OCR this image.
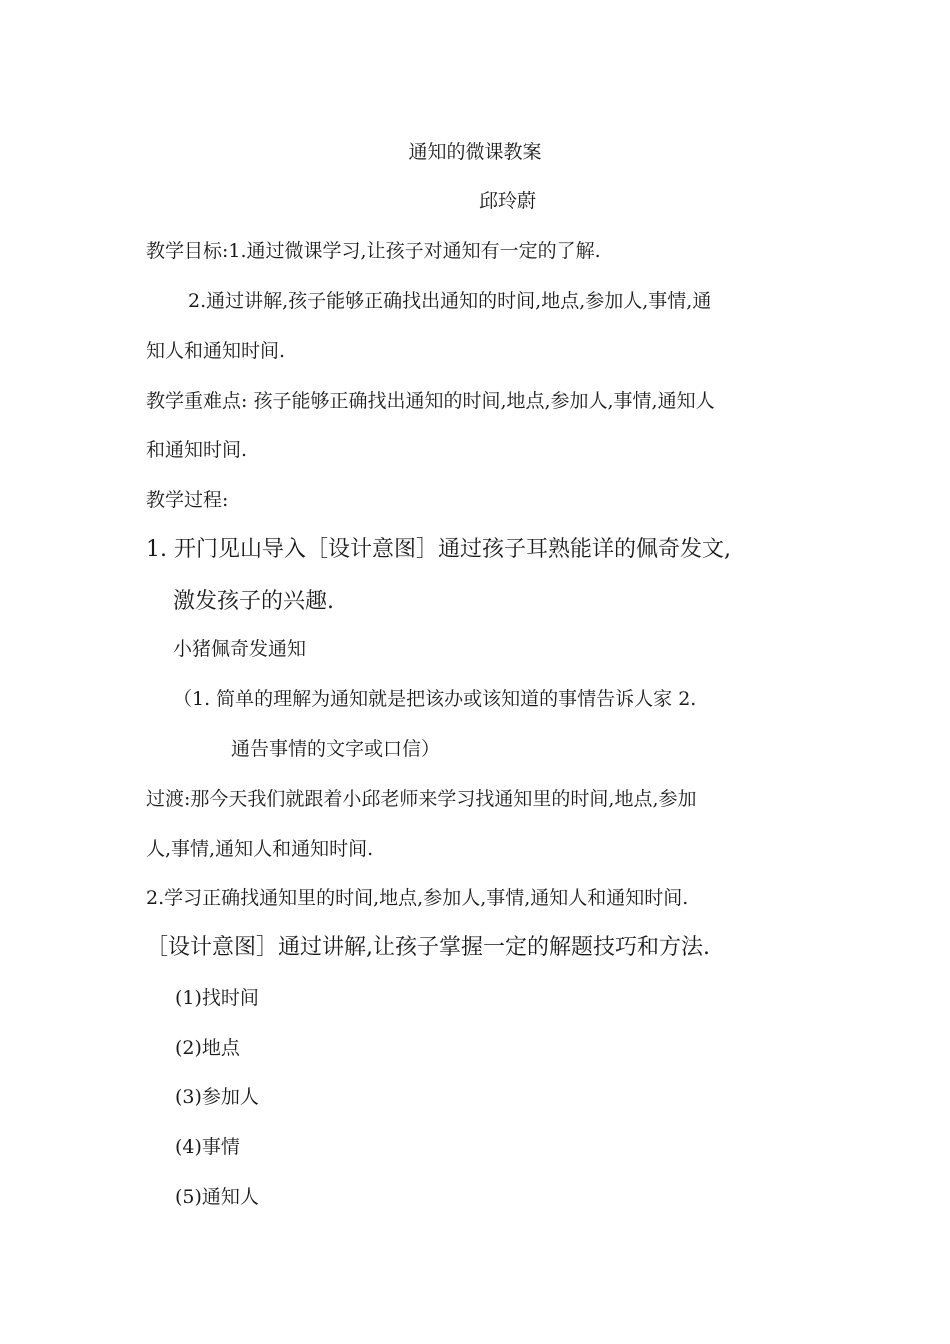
通知的微课教案
邱玲蔚
教学目标:1.通过微课学习,让孩子对通知有一定的了解.
2.通过讲解,孩子能够正确找出通知的时间,地点,参加人,事情,通
知人和通知时间.
教学重难点: 孩子能够正确找出通知的时间,地点,参加人,事情,通知人
和通知时间.
教学过程:
1. 开门见山导入［设计意图］通过孩子耳熟能详的佩奇发文,
激发孩子的兴趣.
小猪佩奇发通知
（1. 简单的理解为通知就是把该办或该知道的事情告诉人家 2.
通告事情的文字或口信）
过渡:那今天我们就跟着小邱老师来学习找通知里的时间,地点,参加
人,事情,通知人和通知时间.
2.学习正确找通知里的时间,地点,参加人,事情,通知人和通知时间.
［设计意图］通过讲解,让孩子掌握一定的解题技巧和方法.
(1)找时间
(2)地点
(3)参加人
(4)事情
(5)通知人
